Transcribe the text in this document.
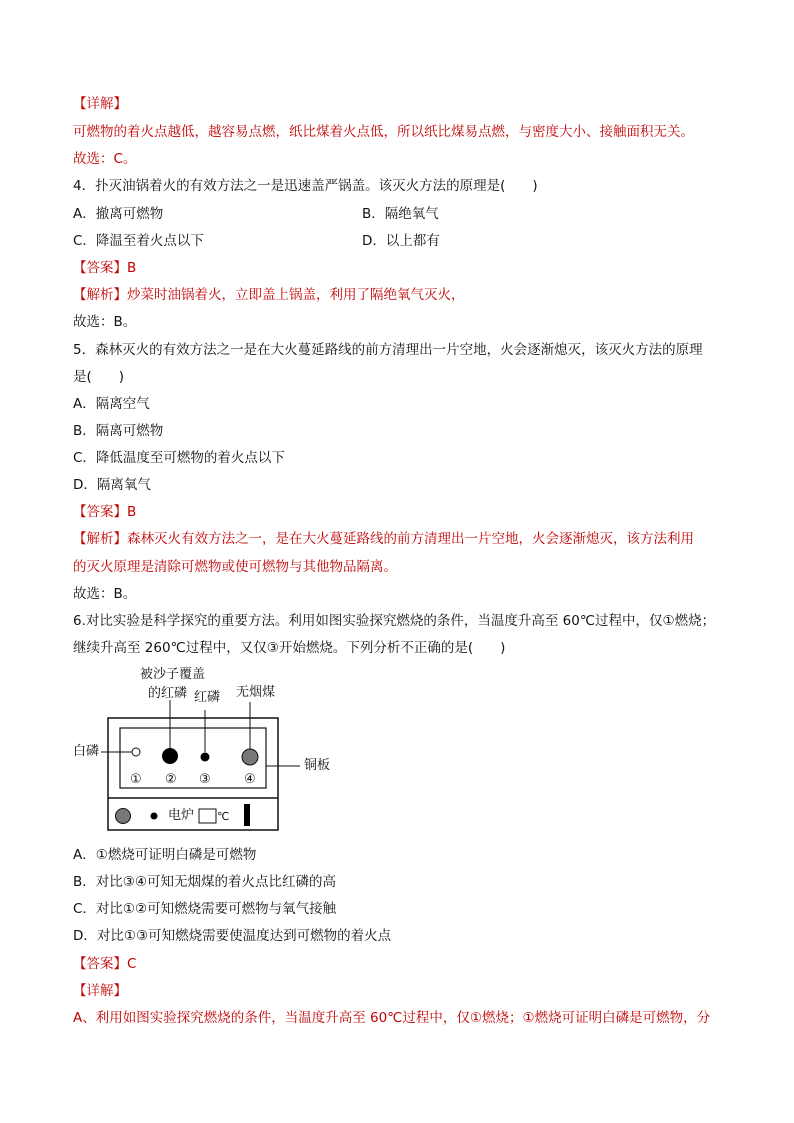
【详解】
可燃物的着火点越低，越容易点燃，纸比煤着火点低，所以纸比煤易点燃，与密度大小、接触面积无关。
故选：C。
4．扑灭油锅着火的有效方法之一是迅速盖严锅盖。该灭火方法的原理是(　　)
A．撤离可燃物	B．隔绝氧气
C．降温至着火点以下	D．以上都有
【答案】B
【解析】炒菜时油锅着火，立即盖上锅盖，利用了隔绝氧气灭火，
故选：B。
5．森林灭火的有效方法之一是在大火蔓延路线的前方清理出一片空地，火会逐渐熄灭，该灭火方法的原理
是(　　)
A．隔离空气
B．隔离可燃物
C．降低温度至可燃物的着火点以下
D．隔离氧气
【答案】B
【解析】森林灭火有效方法之一，是在大火蔓延路线的前方清理出一片空地，火会逐渐熄灭，该方法利用
的灭火原理是清除可燃物或使可燃物与其他物品隔离。
故选：B。
6.对比实验是科学探究的重要方法。利用如图实验探究燃烧的条件，当温度升高至 60℃过程中，仅①燃烧；
继续升高至 260℃过程中，又仅③开始燃烧。下列分析不正确的是(　　)
被沙子覆盖
的红磷 红磷 无烟煤
白磷
铜板
① ② ③	④
电炉 ℃
A．①燃烧可证明白磷是可燃物
B．对比③④可知无烟煤的着火点比红磷的高
C．对比①②可知燃烧需要可燃物与氧气接触
D．对比①③可知燃烧需要使温度达到可燃物的着火点
【答案】C
【详解】
A、利用如图实验探究燃烧的条件，当温度升高至 60℃过程中，仅①燃烧；①燃烧可证明白磷是可燃物，分
